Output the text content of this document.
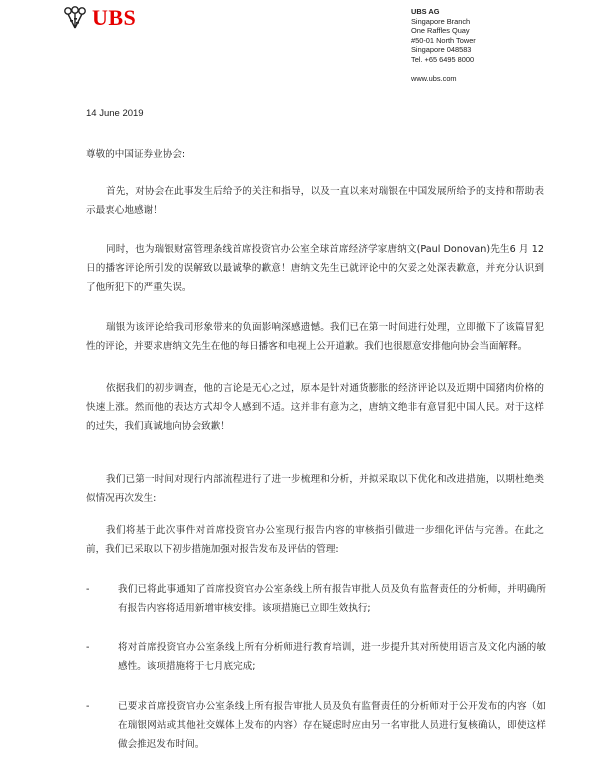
UBS	UBS AG
Singapore Branch
One Raffles Quay
#50-01 North Tower
Singapore 048583
Tel. +65 6495 8000
www.ubs.com
14 June 2019

尊敬的中国证券业协会:

首先，对协会在此事发生后给予的关注和指导，以及一直以来对瑞银在中国发展所给予的支持和帮助表示最衷心地感谢！

同时，也为瑞银财富管理条线首席投资官办公室全球首席经济学家唐纳文(Paul Donovan)先生6 月 12 日的播客评论所引发的误解致以最诚挚的歉意！唐纳文先生已就评论中的欠妥之处深表歉意，并充分认识到了他所犯下的严重失误。

瑞银为该评论给我司形象带来的负面影响深感遗憾。我们已在第一时间进行处理，立即撤下了该篇冒犯性的评论，并要求唐纳文先生在他的每日播客和电视上公开道歉。我们也很愿意安排他向协会当面解释。

依据我们的初步调查，他的言论是无心之过，原本是针对通货膨胀的经济评论以及近期中国猪肉价格的快速上涨。然而他的表达方式却令人感到不适。这并非有意为之，唐纳文绝非有意冒犯中国人民。对于这样的过失，我们真诚地向协会致歉！

我们已第一时间对现行内部流程进行了进一步梳理和分析，并拟采取以下优化和改进措施，以期杜绝类似情况再次发生:

我们将基于此次事件对首席投资官办公室现行报告内容的审核指引做进一步细化评估与完善。在此之前，我们已采取以下初步措施加强对报告发布及评估的管理:

-	我们已将此事通知了首席投资官办公室条线上所有报告审批人员及负有监督责任的分析师，并明确所有报告内容将适用新增审核安排。该项措施已立即生效执行;
-	将对首席投资官办公室条线上所有分析师进行教育培训，进一步提升其对所使用语言及文化内涵的敏感性。该项措施将于七月底完成;
-	已要求首席投资官办公室条线上所有报告审批人员及负有监督责任的分析师对于公开发布的内容（如在瑞银网站或其他社交媒体上发布的内容）存在疑虑时应由另一名审批人员进行复核确认，即使这样做会推迟发布时间。
